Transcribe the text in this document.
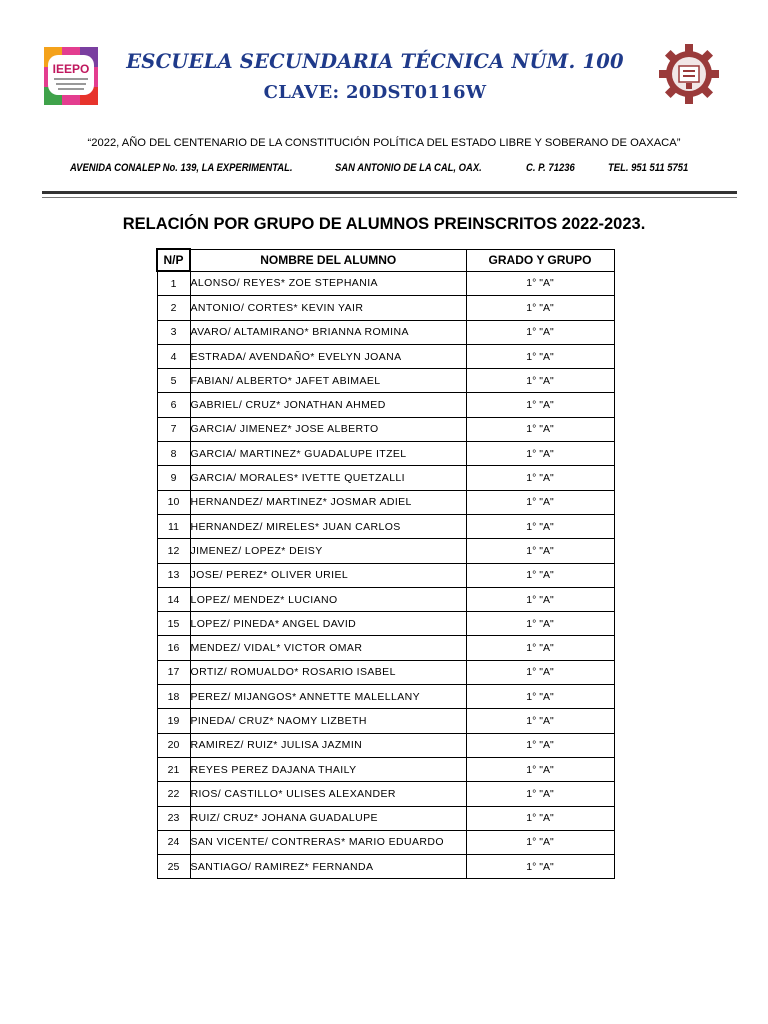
IEEPO	ESCUELA SECUNDARIA TÉCNICA NÚM. 100
CLAVE: 20DST0116W
“2022, AÑO DEL CENTENARIO DE LA CONSTITUCIÓN POLÍTICA DEL ESTADO LIBRE Y SOBERANO DE OAXACA”
AVENIDA CONALEP No. 139, LA EXPERIMENTAL.	SAN ANTONIO DE LA CAL, OAX.	C. P. 71236	TEL. 951 511 5751
RELACIÓN POR GRUPO DE ALUMNOS PREINSCRITOS 2022-2023.
N/P	NOMBRE DEL ALUMNO	GRADO Y GRUPO
1	ALONSO/ REYES* ZOE STEPHANIA	1° "A"
2	ANTONIO/ CORTES* KEVIN YAIR	1° "A"
3	AVARO/ ALTAMIRANO* BRIANNA ROMINA	1° "A"
4	ESTRADA/ AVENDAÑO* EVELYN JOANA	1° "A"
5	FABIAN/ ALBERTO* JAFET ABIMAEL	1° "A"
6	GABRIEL/ CRUZ* JONATHAN AHMED	1° "A"
7	GARCIA/ JIMENEZ* JOSE ALBERTO	1° "A"
8	GARCIA/ MARTINEZ* GUADALUPE ITZEL	1° "A"
9	GARCIA/ MORALES* IVETTE QUETZALLI	1° "A"
10	HERNANDEZ/ MARTINEZ* JOSMAR ADIEL	1° "A"
11	HERNANDEZ/ MIRELES* JUAN CARLOS	1° "A"
12	JIMENEZ/ LOPEZ* DEISY	1° "A"
13	JOSE/ PEREZ* OLIVER URIEL	1° "A"
14	LOPEZ/ MENDEZ* LUCIANO	1° "A"
15	LOPEZ/ PINEDA* ANGEL DAVID	1° "A"
16	MENDEZ/ VIDAL* VICTOR OMAR	1° "A"
17	ORTIZ/ ROMUALDO* ROSARIO ISABEL	1° "A"
18	PEREZ/ MIJANGOS* ANNETTE MALELLANY	1° "A"
19	PINEDA/ CRUZ* NAOMY LIZBETH	1° "A"
20	RAMIREZ/ RUIZ* JULISA JAZMIN	1° "A"
21	REYES PEREZ DAJANA THAILY	1° "A"
22	RIOS/ CASTILLO* ULISES ALEXANDER	1° "A"
23	RUIZ/ CRUZ* JOHANA GUADALUPE	1° "A"
24	SAN VICENTE/ CONTRERAS* MARIO EDUARDO	1° "A"
25	SANTIAGO/ RAMIREZ* FERNANDA	1° "A"
